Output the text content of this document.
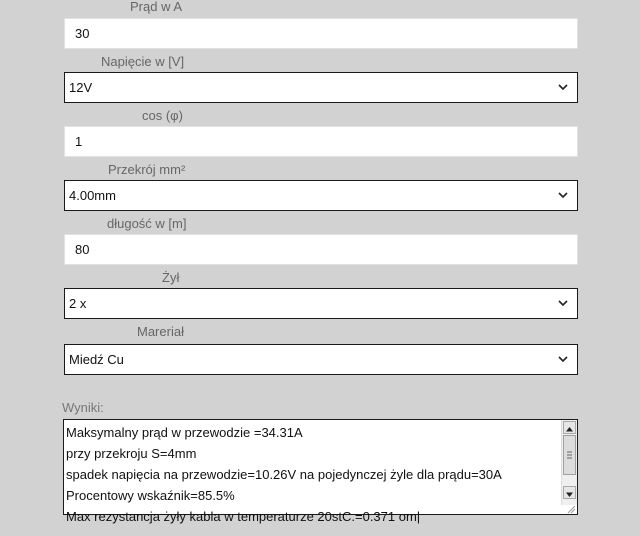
Prąd w A
30
Napięcie w [V]
12V
cos (φ)
1
Przekrój mm²
4.00mm
długość w [m]
80
Żył
2 x
Mareriał
Miedź Cu
Wyniki:
Maksymalny prąd w przewodzie =34.31A
przy przekroju S=4mm
spadek napięcia na przewodzie=10.26V na pojedynczej żyle dla prądu=30A
Procentowy wskaźnik=85.5%
Max rezystancja żyły kabla w temperaturze 20stC.=0.371 om|
